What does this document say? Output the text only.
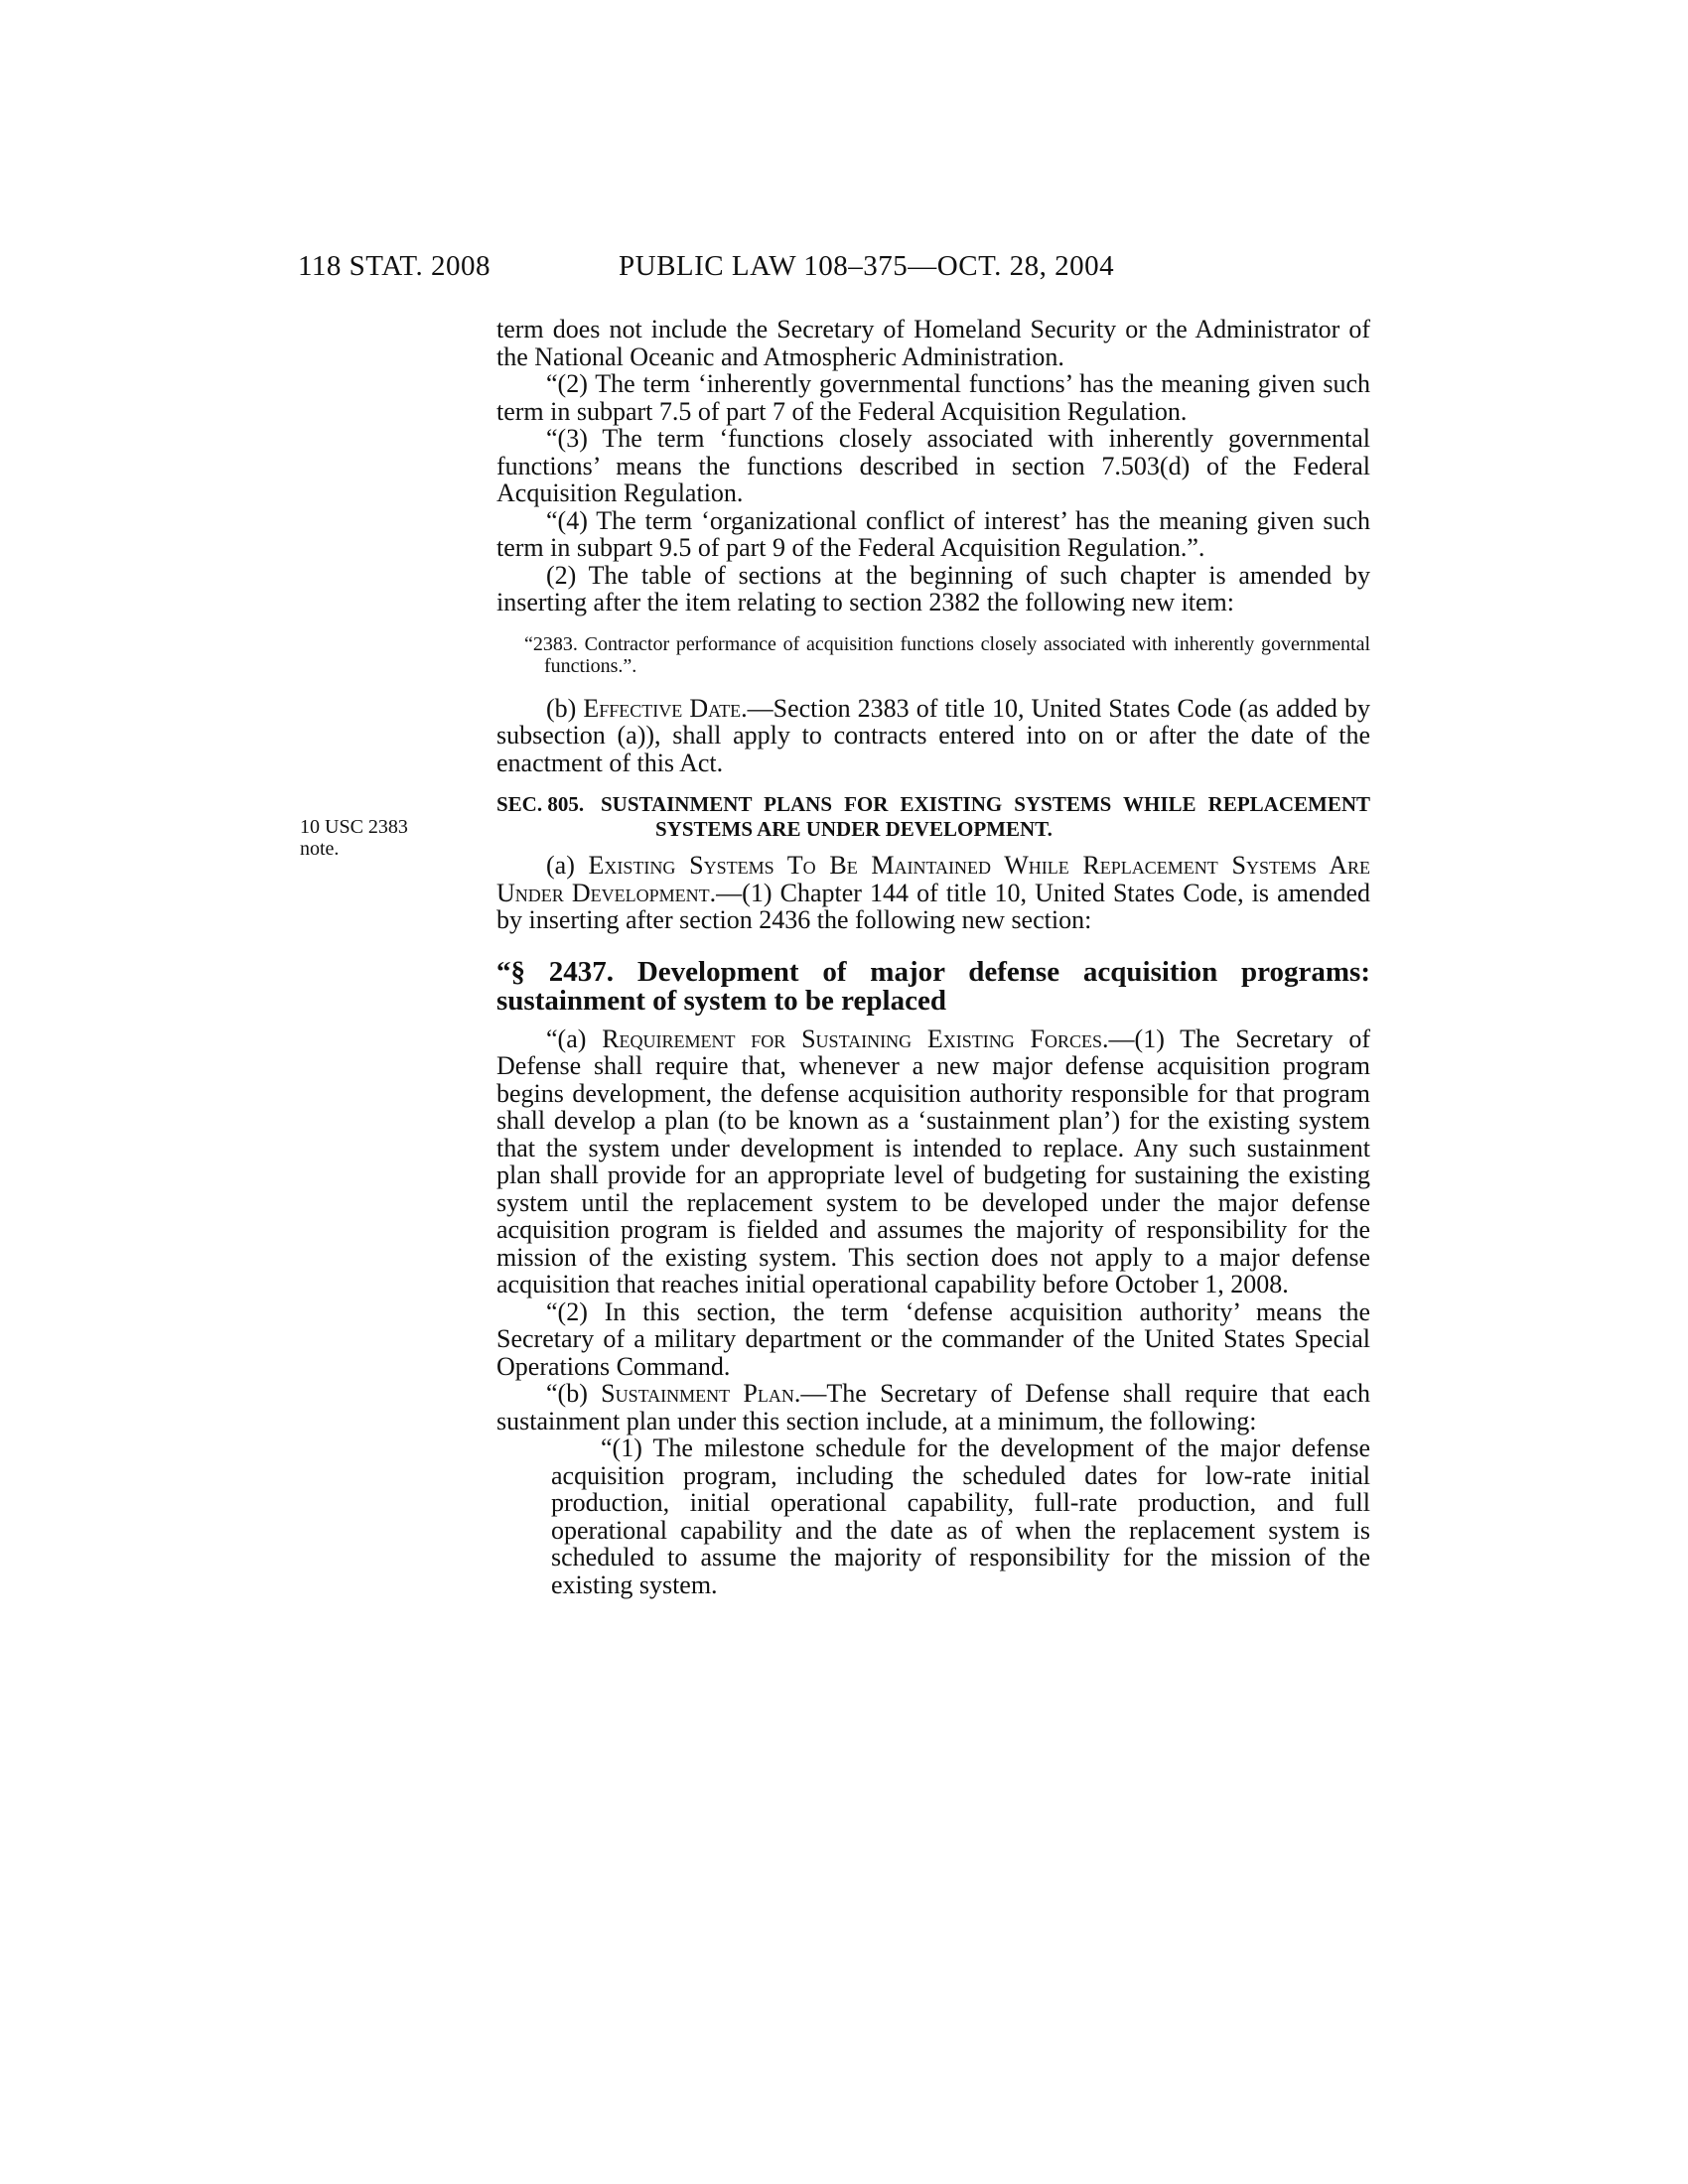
118 STAT. 2008	PUBLIC LAW 108–375—OCT. 28, 2004
10 USC 2383
note.

term does not include the Secretary of Homeland Security or the Administrator of the National Oceanic and Atmospheric Administration.

“(2) The term ‘inherently governmental functions’ has the meaning given such term in subpart 7.5 of part 7 of the Federal Acquisition Regulation.

“(3) The term ‘functions closely associated with inherently governmental functions’ means the functions described in section 7.503(d) of the Federal Acquisition Regulation.

“(4) The term ‘organizational conflict of interest’ has the meaning given such term in subpart 9.5 of part 9 of the Federal Acquisition Regulation.”.

(2) The table of sections at the beginning of such chapter is amended by inserting after the item relating to section 2382 the following new item:

“2383. Contractor performance of acquisition functions closely associated with inherently governmental functions.”.

(b) Effective Date.—Section 2383 of title 10, United States Code (as added by subsection (a)), shall apply to contracts entered into on or after the date of the enactment of this Act.

SEC. 805. SUSTAINMENT PLANS FOR EXISTING SYSTEMS WHILE REPLACEMENT SYSTEMS ARE UNDER DEVELOPMENT.

(a) Existing Systems To Be Maintained While Replacement Systems Are Under Development.—(1) Chapter 144 of title 10, United States Code, is amended by inserting after section 2436 the following new section:

“§ 2437. Development of major defense acquisition programs: sustainment of system to be replaced

“(a) Requirement for Sustaining Existing Forces.—(1) The Secretary of Defense shall require that, whenever a new major defense acquisition program begins development, the defense acquisition authority responsible for that program shall develop a plan (to be known as a ‘sustainment plan’) for the existing system that the system under development is intended to replace. Any such sustainment plan shall provide for an appropriate level of budgeting for sustaining the existing system until the replacement system to be developed under the major defense acquisition program is fielded and assumes the majority of responsibility for the mission of the existing system. This section does not apply to a major defense acquisition that reaches initial operational capability before October 1, 2008.

“(2) In this section, the term ‘defense acquisition authority’ means the Secretary of a military department or the commander of the United States Special Operations Command.

“(b) Sustainment Plan.—The Secretary of Defense shall require that each sustainment plan under this section include, at a minimum, the following:

“(1) The milestone schedule for the development of the major defense acquisition program, including the scheduled dates for low-rate initial production, initial operational capability, full-rate production, and full operational capability and the date as of when the replacement system is scheduled to assume the majority of responsibility for the mission of the existing system.
